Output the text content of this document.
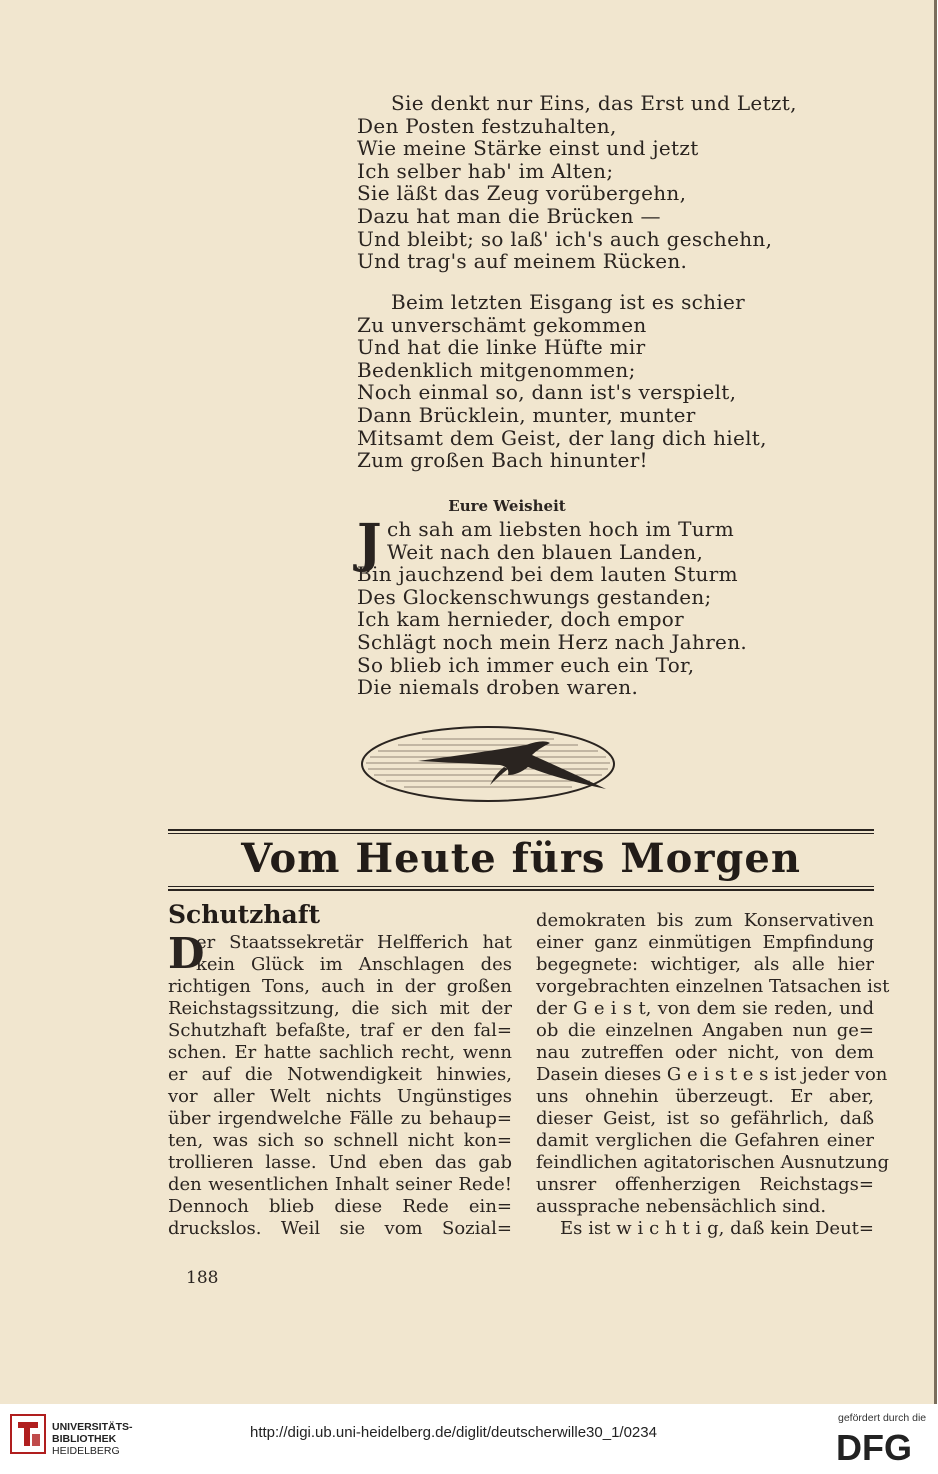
Sie denkt nur Eins, das Erst und Letzt,
Den Posten festzuhalten,
Wie meine Stärke einst und jetzt
Ich selber hab' im Alten;
Sie läßt das Zeug vorübergehn,
Dazu hat man die Brücken —
Und bleibt; so laß' ich's auch geschehn,
Und trag's auf meinem Rücken.
Beim letzten Eisgang ist es schier
Zu unverschämt gekommen
Und hat die linke Hüfte mir
Bedenklich mitgenommen;
Noch einmal so, dann ist's verspielt,
Dann Brücklein, munter, munter
Mitsamt dem Geist, der lang dich hielt,
Zum großen Bach hinunter!
Eure Weisheit
J ch sah am liebsten hoch im Turm
Weit nach den blauen Landen,
Bin jauchzend bei dem lauten Sturm
Des Glockenschwungs gestanden;
Ich kam hernieder, doch empor
Schlägt noch mein Herz nach Jahren.
So blieb ich immer euch ein Tor,
Die niemals droben waren.
Vom Heute fürs Morgen
Schutzhaft
D
er Staatssekretär Helfferich hat
kein Glück im Anschlagen des
richtigen Tons, auch in der großen
Reichstagssitzung, die sich mit der
Schutzhaft befaßte, traf er den fal=
schen. Er hatte sachlich recht, wenn
er auf die Notwendigkeit hinwies,
vor aller Welt nichts Ungünstiges
über irgendwelche Fälle zu behaup=
ten, was sich so schnell nicht kon=
trollieren lasse. Und eben das gab
den wesentlichen Inhalt seiner Rede!
Dennoch blieb diese Rede ein=
druckslos. Weil sie vom Sozial=
demokraten bis zum Konservativen
einer ganz einmütigen Empfindung
begegnete: wichtiger, als alle hier
vorgebrachten einzelnen Tatsachen ist
der G e i s t, von dem sie reden, und
ob die einzelnen Angaben nun ge=
nau zutreffen oder nicht, von dem
Dasein dieses G e i s t e s ist jeder von
uns ohnehin überzeugt. Er aber,
dieser Geist, ist so gefährlich, daß
damit verglichen die Gefahren einer
feindlichen agitatorischen Ausnutzung
unsrer offenherzigen Reichstags=
aussprache nebensächlich sind.
Es ist w i c h t i g, daß kein Deut=
188
UNIVERSITÄTS-
BIBLIOTHEK
HEIDELBERG
http://digi.ub.uni-heidelberg.de/diglit/deutscherwille30_1/0234
gefördert durch die
DFG
